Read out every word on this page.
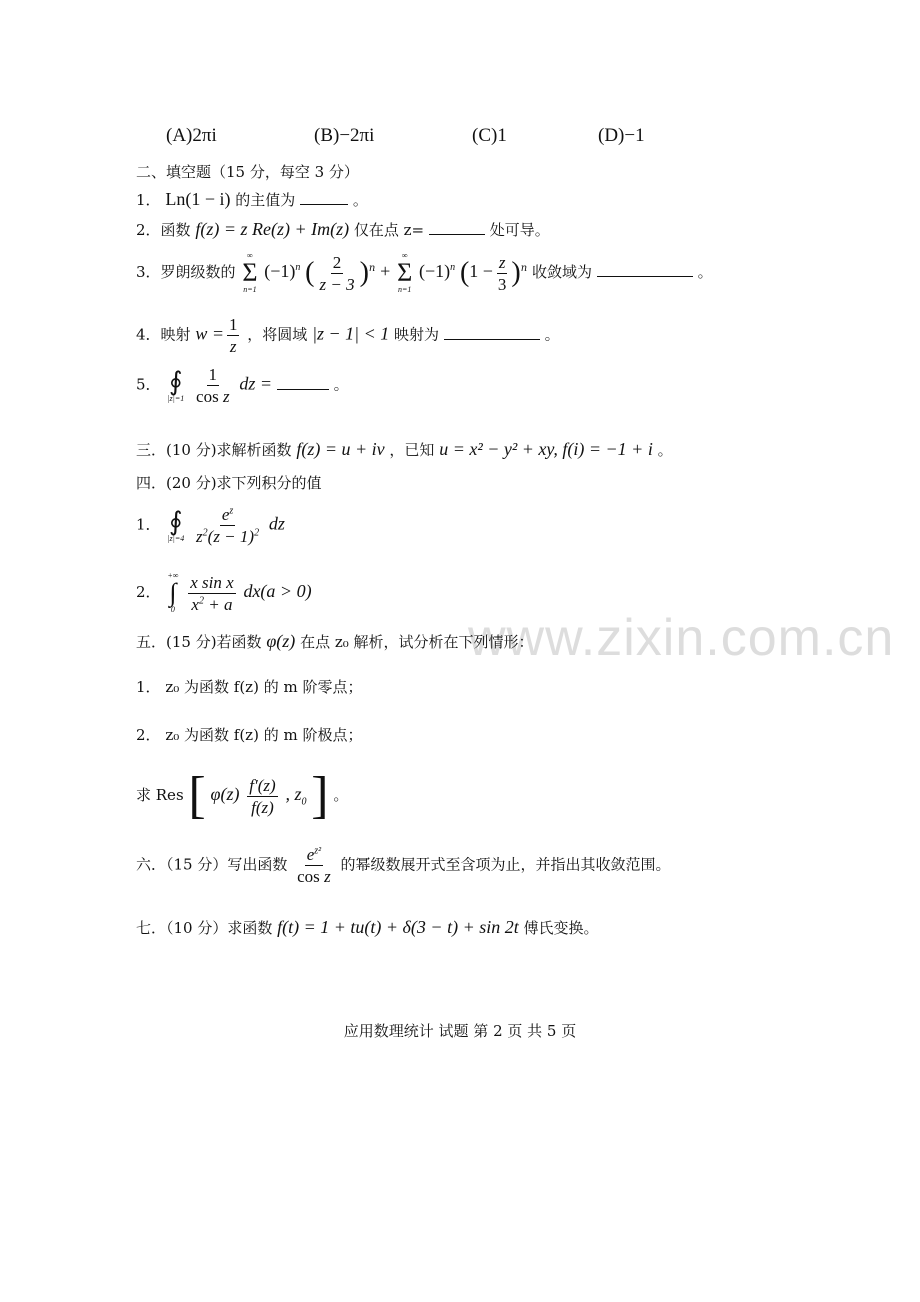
www.zixin.com.cn
(A)2πi	(B)−2πi	(C)1	(D)−1
二、填空题（15 分，每空 3 分）
1． Ln(1 − i) 的主值为	。
2．函数 f(z) = z Re(z) + Im(z) 仅在点 z=	处可导。
3．罗朗级数的
∞
Σ
n=1
$(-1)^n$ ( $\frac{2}{z - 3} )^n$ +
∞
Σ
n=1
$(-1)^n$ $(1 - \frac{z}{3} )^n$ 收敛域为	。
4．映射 $w = \frac{1}{z}$ ，将圆域 |z − 1| < 1 映射为	。
5． ∮
|z|=1
$\frac{1}{\text{cos z}}$ dz =	。
三．(10 分)求解析函数 f(z) = u + iv ，已知 u = x² − y² + xy, f(i) = −1 + i 。
四．(20 分)求下列积分的值
1． ∮
|z|=4
$\frac{e^z}{z^2(z - 1)^2}$ dz
2．
+∞
∫
0
$\frac{\text{x sin x}}{x^2 + a} dx(a > 0)$
五．(15 分)若函数 φ(z) 在点 z₀ 解析，试分析在下列情形：
1． z₀ 为函数 f(z) 的 m 阶零点；
2． z₀ 为函数 f(z) 的 m 阶极点；
求 Res [ $\varphi(z) \frac{f'(z)}{f(z)}$ , $z_0$ ] 。
六．（15 分）写出函数 $\frac{e^{z^2}}{\text{cos z}}$ 的幂级数展开式至含项为止，并指出其收敛范围。
七．（10 分）求函数 f(t) = 1 + tu(t) + δ(3 − t) + sin 2t 傅氏变换。
应用数理统计 试题 第 2 页 共 5 页
